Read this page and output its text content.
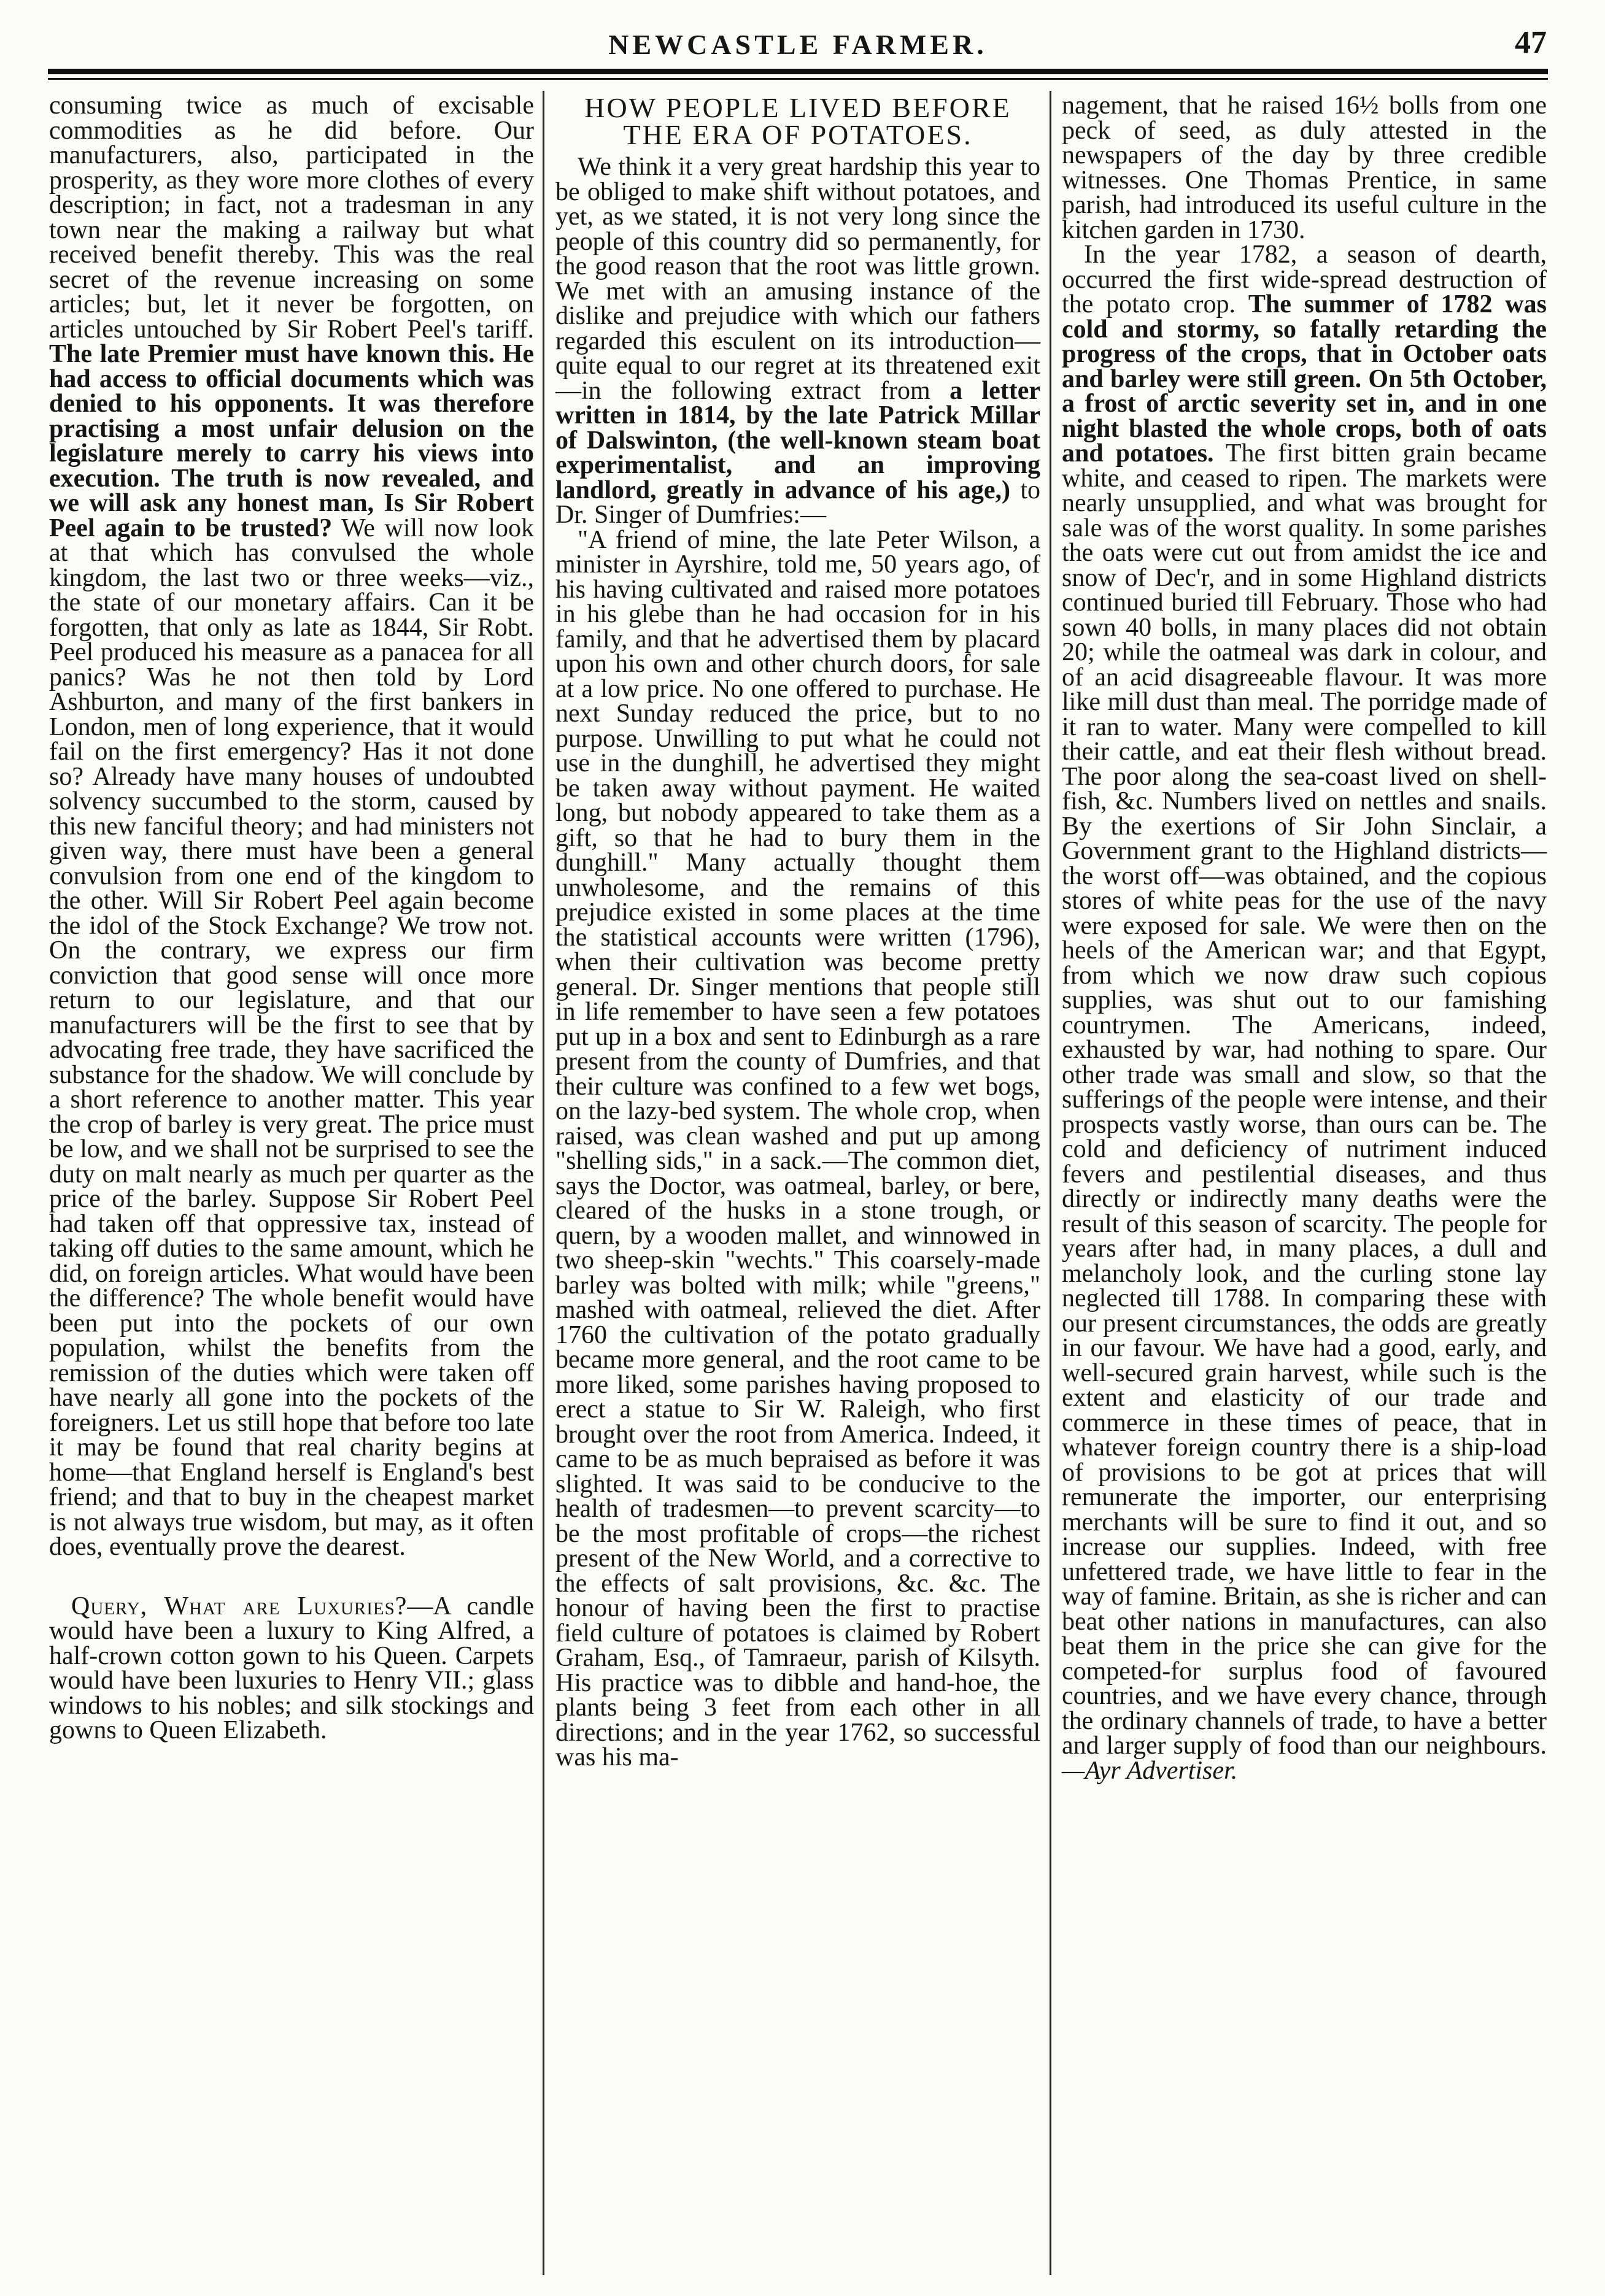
NEWCASTLE FARMER.	47

consuming twice as much of excisable commodities as he did before. Our manufacturers, also, participated in the prosperity, as they wore more clothes of every description; in fact, not a tradesman in any town near the making a railway but what received benefit thereby. This was the real secret of the revenue increasing on some articles; but, let it never be forgotten, on articles untouched by Sir Robert Peel's tariff. The late Premier must have known this. He had access to official documents which was denied to his opponents. It was therefore practising a most unfair delusion on the legislature merely to carry his views into execution. The truth is now revealed, and we will ask any honest man, Is Sir Robert Peel again to be trusted? We will now look at that which has convulsed the whole kingdom, the last two or three weeks—viz., the state of our monetary affairs. Can it be forgotten, that only as late as 1844, Sir Robt. Peel produced his measure as a panacea for all panics? Was he not then told by Lord Ashburton, and many of the first bankers in London, men of long experience, that it would fail on the first emergency? Has it not done so? Already have many houses of undoubted solvency succumbed to the storm, caused by this new fanciful theory; and had ministers not given way, there must have been a general convulsion from one end of the kingdom to the other. Will Sir Robert Peel again become the idol of the Stock Exchange? We trow not. On the contrary, we express our firm conviction that good sense will once more return to our legislature, and that our manufacturers will be the first to see that by advocating free trade, they have sacrificed the substance for the shadow. We will conclude by a short reference to another matter. This year the crop of barley is very great. The price must be low, and we shall not be surprised to see the duty on malt nearly as much per quarter as the price of the barley. Suppose Sir Robert Peel had taken off that oppressive tax, instead of taking off duties to the same amount, which he did, on foreign articles. What would have been the difference? The whole benefit would have been put into the pockets of our own population, whilst the benefits from the remission of the duties which were taken off have nearly all gone into the pockets of the foreigners. Let us still hope that before too late it may be found that real charity begins at home—that England herself is England's best friend; and that to buy in the cheapest market is not always true wisdom, but may, as it often does, eventually prove the dearest.

Query, What are Luxuries?—A candle would have been a luxury to King Alfred, a half-crown cotton gown to his Queen. Carpets would have been luxuries to Henry VII.; glass windows to his nobles; and silk stockings and gowns to Queen Elizabeth.

HOW PEOPLE LIVED BEFORE
THE ERA OF POTATOES.

We think it a very great hardship this year to be obliged to make shift without potatoes, and yet, as we stated, it is not very long since the people of this country did so permanently, for the good reason that the root was little grown. We met with an amusing instance of the dislike and prejudice with which our fathers regarded this esculent on its introduction—quite equal to our regret at its threatened exit—in the following extract from a letter written in 1814, by the late Patrick Millar of Dalswinton, (the well-known steam boat experimentalist, and an improving landlord, greatly in advance of his age,) to Dr. Singer of Dumfries:—

"A friend of mine, the late Peter Wilson, a minister in Ayrshire, told me, 50 years ago, of his having cultivated and raised more potatoes in his glebe than he had occasion for in his family, and that he advertised them by placard upon his own and other church doors, for sale at a low price. No one offered to purchase. He next Sunday reduced the price, but to no purpose. Unwilling to put what he could not use in the dunghill, he advertised they might be taken away without payment. He waited long, but nobody appeared to take them as a gift, so that he had to bury them in the dunghill." Many actually thought them unwholesome, and the remains of this prejudice existed in some places at the time the statistical accounts were written (1796), when their cultivation was become pretty general. Dr. Singer mentions that people still in life remember to have seen a few potatoes put up in a box and sent to Edinburgh as a rare present from the county of Dumfries, and that their culture was confined to a few wet bogs, on the lazy-bed system. The whole crop, when raised, was clean washed and put up among "shelling sids," in a sack.—The common diet, says the Doctor, was oatmeal, barley, or bere, cleared of the husks in a stone trough, or quern, by a wooden mallet, and winnowed in two sheep-skin "wechts." This coarsely-made barley was bolted with milk; while "greens," mashed with oatmeal, relieved the diet. After 1760 the cultivation of the potato gradually became more general, and the root came to be more liked, some parishes having proposed to erect a statue to Sir W. Raleigh, who first brought over the root from America. Indeed, it came to be as much bepraised as before it was slighted. It was said to be conducive to the health of tradesmen—to prevent scarcity—to be the most profitable of crops—the richest present of the New World, and a corrective to the effects of salt provisions, &c. &c. The honour of having been the first to practise field culture of potatoes is claimed by Robert Graham, Esq., of Tamraeur, parish of Kilsyth. His practice was to dibble and hand-hoe, the plants being 3 feet from each other in all directions; and in the year 1762, so successful was his ma-

nagement, that he raised 16½ bolls from one peck of seed, as duly attested in the newspapers of the day by three credible witnesses. One Thomas Prentice, in same parish, had introduced its useful culture in the kitchen garden in 1730.

In the year 1782, a season of dearth, occurred the first wide-spread destruction of the potato crop. The summer of 1782 was cold and stormy, so fatally retarding the progress of the crops, that in October oats and barley were still green. On 5th October, a frost of arctic severity set in, and in one night blasted the whole crops, both of oats and potatoes. The first bitten grain became white, and ceased to ripen. The markets were nearly unsupplied, and what was brought for sale was of the worst quality. In some parishes the oats were cut out from amidst the ice and snow of Dec'r, and in some Highland districts continued buried till February. Those who had sown 40 bolls, in many places did not obtain 20; while the oatmeal was dark in colour, and of an acid disagreeable flavour. It was more like mill dust than meal. The porridge made of it ran to water. Many were compelled to kill their cattle, and eat their flesh without bread. The poor along the sea-coast lived on shell-fish, &c. Numbers lived on nettles and snails. By the exertions of Sir John Sinclair, a Government grant to the Highland districts—the worst off—was obtained, and the copious stores of white peas for the use of the navy were exposed for sale. We were then on the heels of the American war; and that Egypt, from which we now draw such copious supplies, was shut out to our famishing countrymen. The Americans, indeed, exhausted by war, had nothing to spare. Our other trade was small and slow, so that the sufferings of the people were intense, and their prospects vastly worse, than ours can be. The cold and deficiency of nutriment induced fevers and pestilential diseases, and thus directly or indirectly many deaths were the result of this season of scarcity. The people for years after had, in many places, a dull and melancholy look, and the curling stone lay neglected till 1788. In comparing these with our present circumstances, the odds are greatly in our favour. We have had a good, early, and well-secured grain harvest, while such is the extent and elasticity of our trade and commerce in these times of peace, that in whatever foreign country there is a ship-load of provisions to be got at prices that will remunerate the importer, our enterprising merchants will be sure to find it out, and so increase our supplies. Indeed, with free unfettered trade, we have little to fear in the way of famine. Britain, as she is richer and can beat other nations in manufactures, can also beat them in the price she can give for the competed-for surplus food of favoured countries, and we have every chance, through the ordinary channels of trade, to have a better and larger supply of food than our neighbours.—Ayr Advertiser.
